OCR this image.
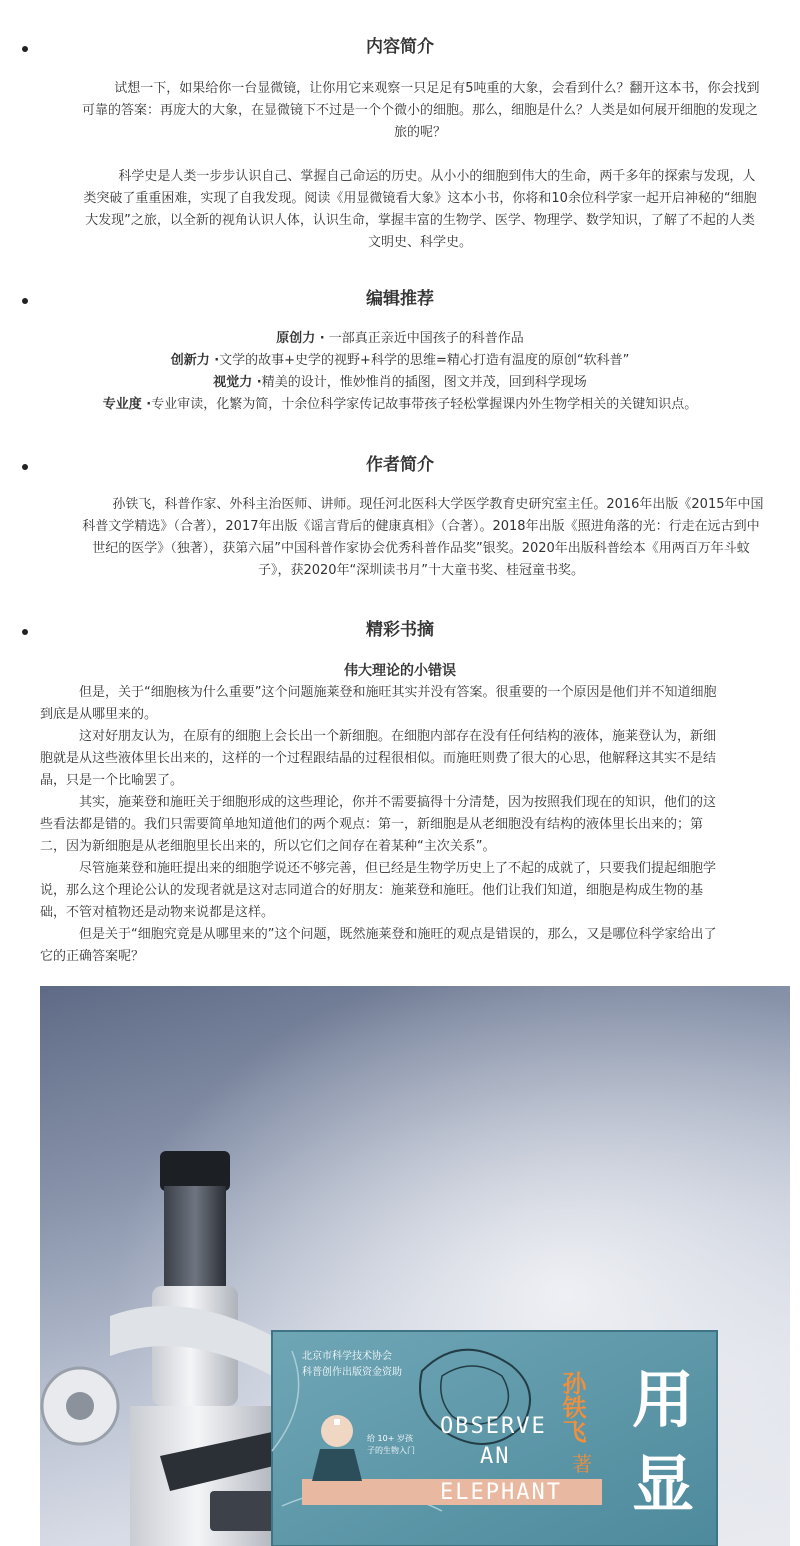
内容简介

试想一下，如果给你一台显微镜，让你用它来观察一只足足有5吨重的大象，会看到什么？翻开这本书，你会找到可靠的答案：再庞大的大象，在显微镜下不过是一个个微小的细胞。那么，细胞是什么？人类是如何展开细胞的发现之旅的呢？

科学史是人类一步步认识自己、掌握自己命运的历史。从小小的细胞到伟大的生命，两千多年的探索与发现，人类突破了重重困难，实现了自我发现。阅读《用显微镜看大象》这本小书，你将和10余位科学家一起开启神秘的“细胞大发现”之旅，以全新的视角认识人体，认识生命，掌握丰富的生物学、医学、物理学、数学知识，了解了不起的人类文明史、科学史。

编辑推荐

原创力 · 一部真正亲近中国孩子的科普作品

创新力 ·文学的故事+史学的视野+科学的思维=精心打造有温度的原创“软科普”

视觉力 ·精美的设计，惟妙惟肖的插图，图文并茂，回到科学现场

专业度 ·专业审读，化繁为简，十余位科学家传记故事带孩子轻松掌握课内外生物学相关的关键知识点。

作者简介

孙铁飞，科普作家、外科主治医师、讲师。现任河北医科大学医学教育史研究室主任。2016年出版《2015年中国科普文学精选》（合著），2017年出版《谣言背后的健康真相》（合著）。2018年出版《照进角落的光：行走在远古到中世纪的医学》（独著），获第六届”中国科普作家协会优秀科普作品奖”银奖。2020年出版科普绘本《用两百万年斗蚊子》，获2020年“深圳读书月”十大童书奖、桂冠童书奖。

精彩书摘
伟大理论的小错误

但是，关于“细胞核为什么重要”这个问题施莱登和施旺其实并没有答案。很重要的一个原因是他们并不知道细胞到底是从哪里来的。

这对好朋友认为，在原有的细胞上会长出一个新细胞。在细胞内部存在没有任何结构的液体，施莱登认为，新细胞就是从这些液体里长出来的，这样的一个过程跟结晶的过程很相似。而施旺则费了很大的心思，他解释这其实不是结晶，只是一个比喻罢了。

其实，施莱登和施旺关于细胞形成的这些理论，你并不需要搞得十分清楚，因为按照我们现在的知识，他们的这些看法都是错的。我们只需要简单地知道他们的两个观点：第一，新细胞是从老细胞没有结构的液体里长出来的；第二，因为新细胞是从老细胞里长出来的，所以它们之间存在着某种“主次关系”。

尽管施莱登和施旺提出来的细胞学说还不够完善，但已经是生物学历史上了不起的成就了，只要我们提起细胞学说，那么这个理论公认的发现者就是这对志同道合的好朋友：施莱登和施旺。他们让我们知道，细胞是构成生物的基础，不管对植物还是动物来说都是这样。

但是关于“细胞究竟是从哪里来的”这个问题，既然施莱登和施旺的观点是错误的，那么，又是哪位科学家给出了它的正确答案呢？

北京市科学技术协会
科普创作出版资金资助
给 10+ 岁孩
子的生物入门
OBSERVE
AN
ELEPHANT
孙铁飞
著
用
显
